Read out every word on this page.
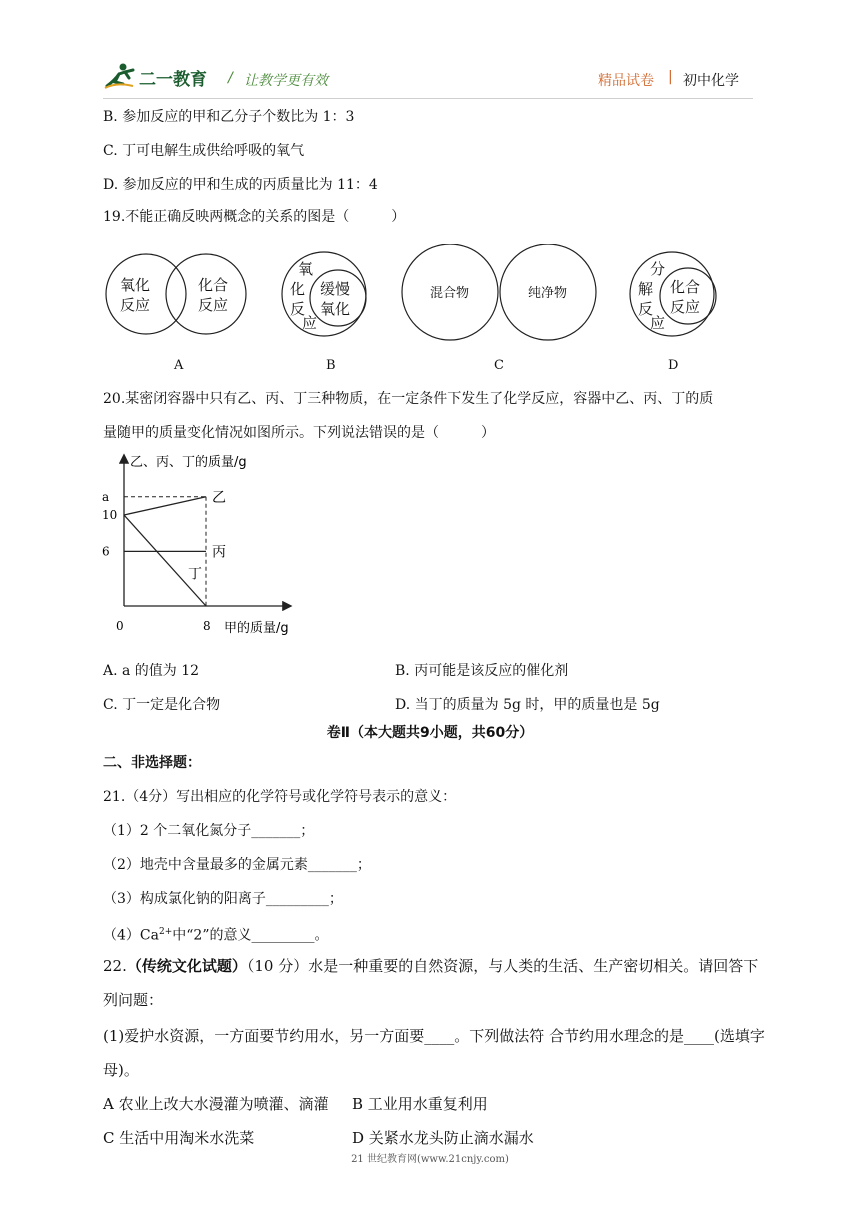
二一教育 / 让教学更有效	精品试卷 | 初中化学
B. 参加反应的甲和乙分子个数比为 1：3
C. 丁可电解生成供给呼吸的氧气
D. 参加反应的甲和生成的丙质量比为 11：4
19.不能正确反映两概念的关系的图是（　　　）
氧化
反应
化合
反应
氧
化
反
应
缓慢
氧化
混合物	纯净物
分
解
反
应
化合
反应
A	B	C	D
20.某密闭容器中只有乙、丙、丁三种物质，在一定条件下发生了化学反应，容器中乙、丙、丁的质
量随甲的质量变化情况如图所示。下列说法错误的是（　　　）
乙、丙、丁的质量/g
甲的质量/g
0
乙
丙
丁
6
10
a
8
A. a 的值为 12	B. 丙可能是该反应的催化剂
C. 丁一定是化合物	D. 当丁的质量为 5g 时，甲的质量也是 5g
卷Ⅱ（本大题共9小题，共60分）
二、非选择题：
21.（4分）写出相应的化学符号或化学符号表示的意义：
（1）2 个二氧化氮分子_______；
（2）地壳中含量最多的金属元素_______；
（3）构成氯化钠的阳离子_________；
$(4)Ca^{2+}$中“2”的意义_________。
22.（传统文化试题）（10 分）水是一种重要的自然资源，与人类的生活、生产密切相关。请回答下
列问题：
(1)爱护水资源，一方面要节约用水，另一方面要____。下列做法符 合节约用水理念的是____(选填字
母)。
A 农业上改大水漫灌为喷灌、滴灌 B 工业用水重复利用
C 生活中用淘米水洗菜	D 关紧水龙头防止滴水漏水
21 世纪教育网(www.21cnjy.com)
